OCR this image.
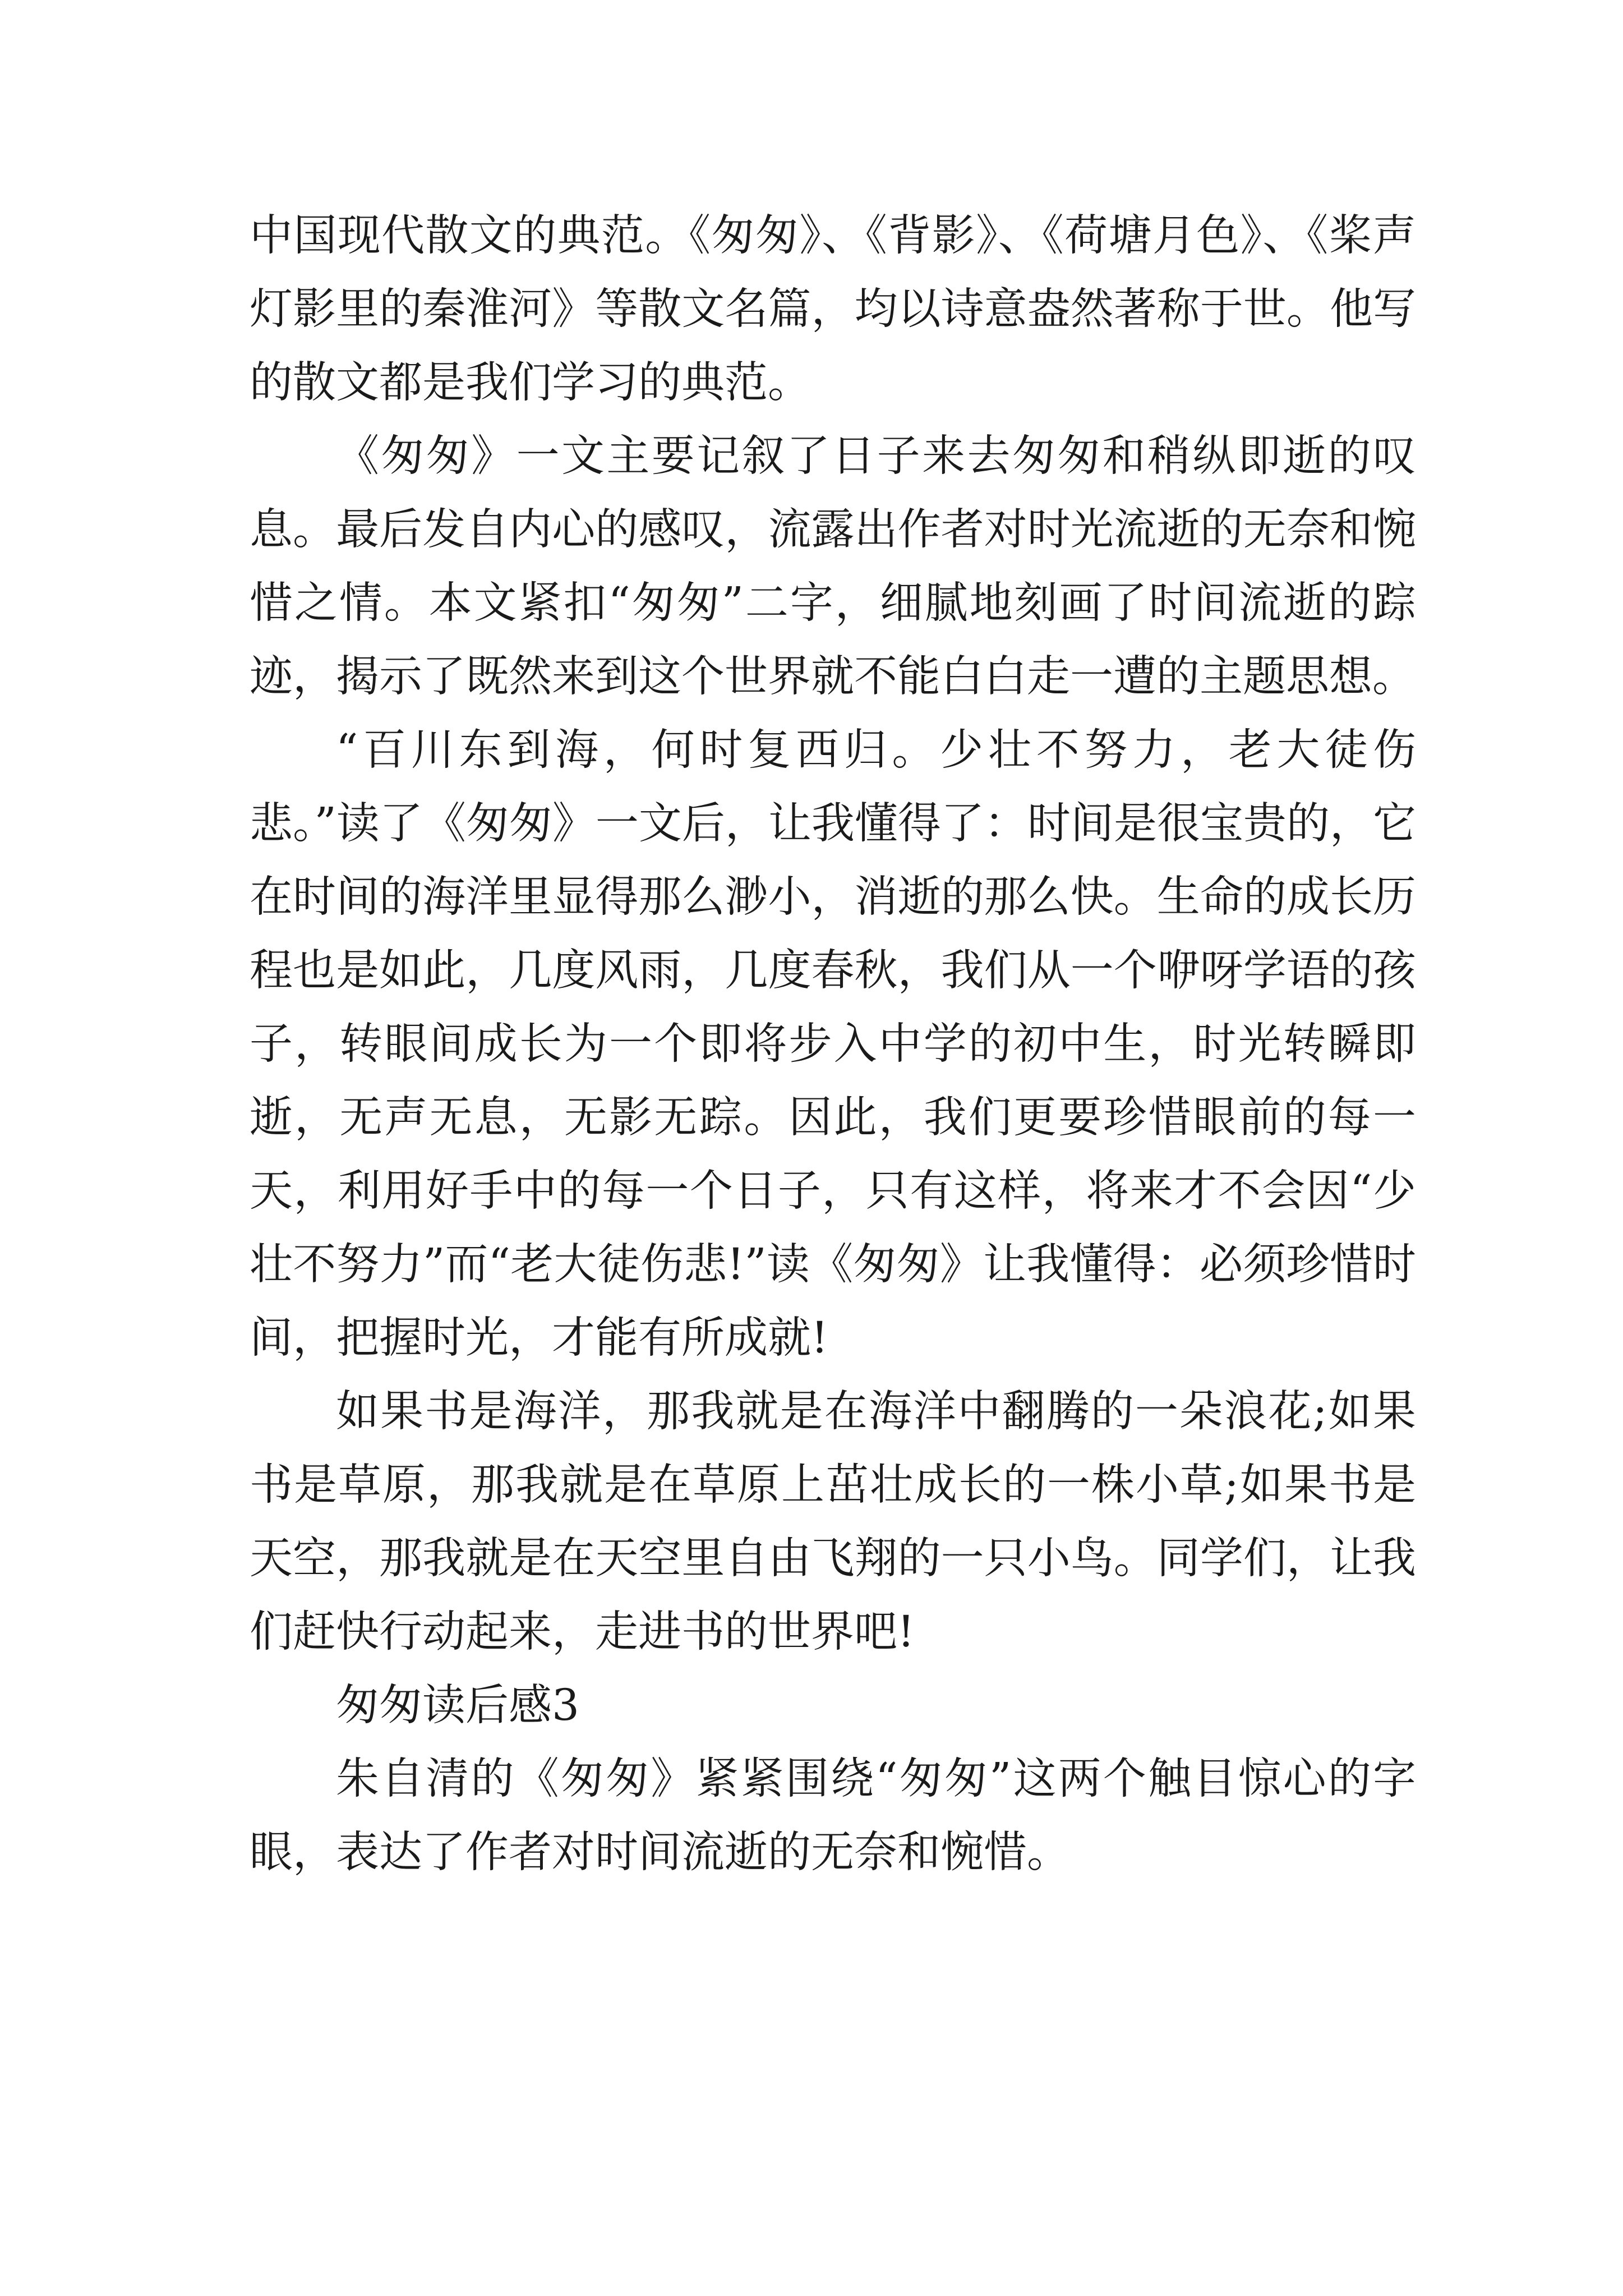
中国现代散文的典范。《匆匆》、《背影》、《荷塘月色》、《桨声灯影里的秦淮河》等散文名篇，均以诗意盎然著称于世。他写的散文都是我们学习的典范。

《匆匆》一文主要记叙了日子来去匆匆和稍纵即逝的叹息。最后发自内心的感叹，流露出作者对时光流逝的无奈和惋惜之情。本文紧扣“匆匆”二字，细腻地刻画了时间流逝的踪迹，揭示了既然来到这个世界就不能白白走一遭的主题思想。

“百川东到海，何时复西归。少壮不努力，老大徒伤悲。”读了《匆匆》一文后，让我懂得了：时间是很宝贵的，它在时间的海洋里显得那么渺小，消逝的那么快。生命的成长历程也是如此，几度风雨，几度春秋，我们从一个咿呀学语的孩子，转眼间成长为一个即将步入中学的初中生，时光转瞬即逝，无声无息，无影无踪。因此，我们更要珍惜眼前的每一天，利用好手中的每一个日子，只有这样，将来才不会因“少壮不努力”而“老大徒伤悲!”读《匆匆》让我懂得：必须珍惜时间，把握时光，才能有所成就!

如果书是海洋，那我就是在海洋中翻腾的一朵浪花;如果书是草原，那我就是在草原上茁壮成长的一株小草;如果书是天空，那我就是在天空里自由飞翔的一只小鸟。同学们，让我们赶快行动起来，走进书的世界吧!

匆匆读后感3

朱自清的《匆匆》紧紧围绕“匆匆”这两个触目惊心的字眼，表达了作者对时间流逝的无奈和惋惜。
